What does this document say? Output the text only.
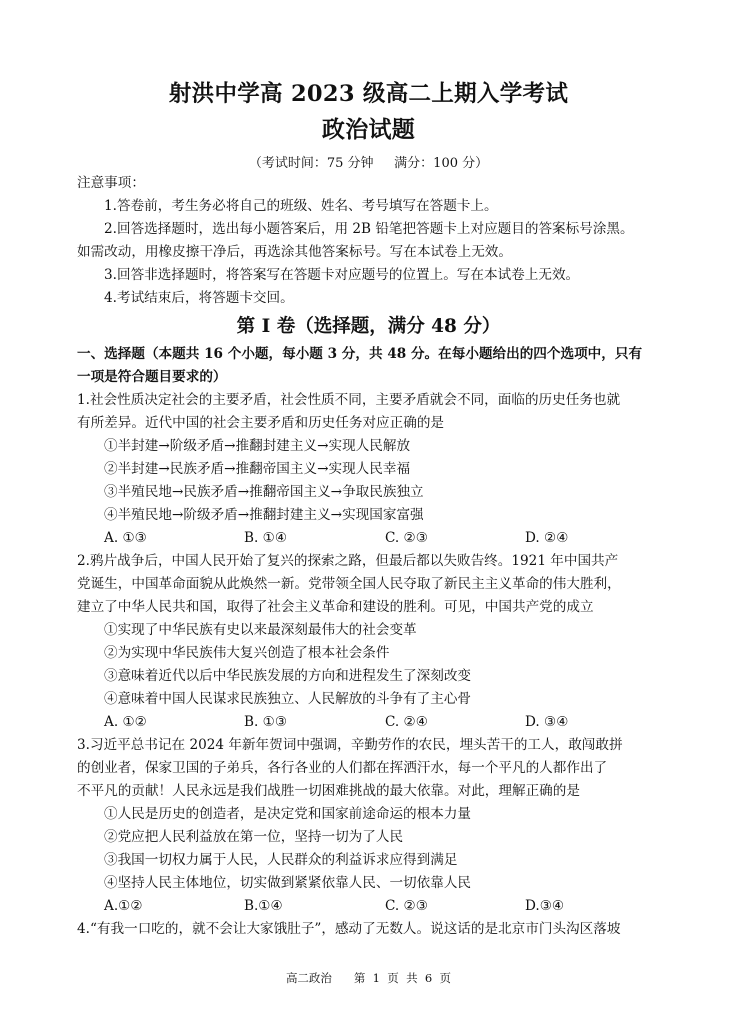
射洪中学高 2023 级高二上期入学考试
政治试题
（考试时间：75 分钟     满分：100 分）
注意事项：
1.答卷前，考生务必将自己的班级、姓名、考号填写在答题卡上。
2.回答选择题时，选出每小题答案后，用 2B 铅笔把答题卡上对应题目的答案标号涂黑。
如需改动，用橡皮擦干净后，再选涂其他答案标号。写在本试卷上无效。
3.回答非选择题时，将答案写在答题卡对应题号的位置上。写在本试卷上无效。
4.考试结束后，将答题卡交回。
第 I 卷（选择题，满分 48 分）
一、选择题（本题共 16 个小题，每小题 3 分，共 48 分。在每小题给出的四个选项中，只有
一项是符合题目要求的）
1.社会性质决定社会的主要矛盾，社会性质不同，主要矛盾就会不同，面临的历史任务也就
有所差异。近代中国的社会主要矛盾和历史任务对应正确的是
①半封建→阶级矛盾→推翻封建主义→实现人民解放
②半封建→民族矛盾→推翻帝国主义→实现人民幸福
③半殖民地→民族矛盾→推翻帝国主义→争取民族独立
④半殖民地→阶级矛盾→推翻封建主义→实现国家富强
A. ①③	B. ①④	C. ②③	D. ②④
2.鸦片战争后，中国人民开始了复兴的探索之路，但最后都以失败告终。1921 年中国共产
党诞生，中国革命面貌从此焕然一新。党带领全国人民夺取了新民主主义革命的伟大胜利，
建立了中华人民共和国，取得了社会主义革命和建设的胜利。可见，中国共产党的成立
①实现了中华民族有史以来最深刻最伟大的社会变革
②为实现中华民族伟大复兴创造了根本社会条件
③意味着近代以后中华民族发展的方向和进程发生了深刻改变
④意味着中国人民谋求民族独立、人民解放的斗争有了主心骨
A. ①②	B. ①③	C. ②④	D. ③④
3.习近平总书记在 2024 年新年贺词中强调，辛勤劳作的农民，埋头苦干的工人，敢闯敢拼
的创业者，保家卫国的子弟兵，各行各业的人们都在挥洒汗水，每一个平凡的人都作出了
不平凡的贡献！人民永远是我们战胜一切困难挑战的最大依靠。对此，理解正确的是
①人民是历史的创造者，是决定党和国家前途命运的根本力量
②党应把人民利益放在第一位，坚持一切为了人民
③我国一切权力属于人民，人民群众的利益诉求应得到满足
④坚持人民主体地位，切实做到紧紧依靠人民、一切依靠人民
A.①②	B.①④	C. ②③	D.③④
4.“有我一口吃的，就不会让大家饿肚子”，感动了无数人。说这话的是北京市门头沟区落坡
高二政治      第  1  页  共  6  页
